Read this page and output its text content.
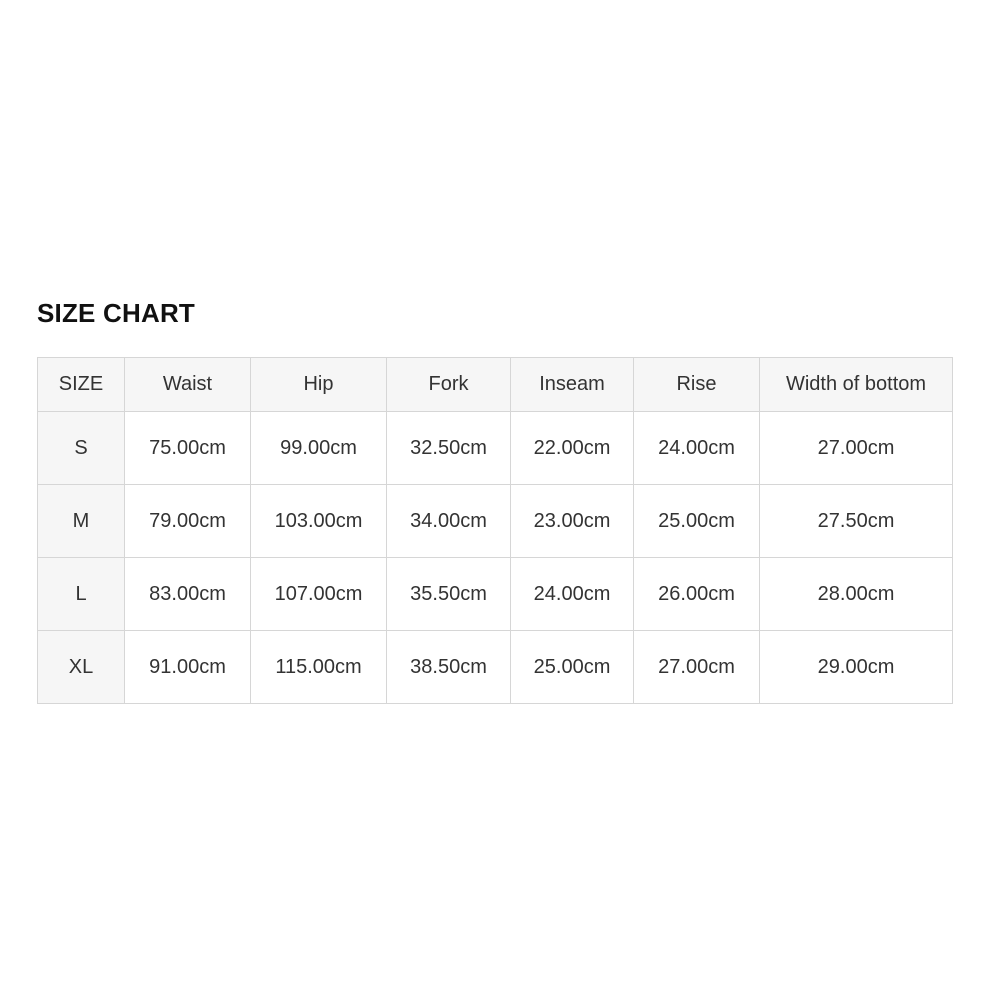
SIZE CHART
SIZE	Waist	Hip	Fork	Inseam	Rise	Width of bottom
S	75.00cm	99.00cm	32.50cm	22.00cm	24.00cm	27.00cm
M	79.00cm	103.00cm	34.00cm	23.00cm	25.00cm	27.50cm
L	83.00cm	107.00cm	35.50cm	24.00cm	26.00cm	28.00cm
XL	91.00cm	115.00cm	38.50cm	25.00cm	27.00cm	29.00cm
